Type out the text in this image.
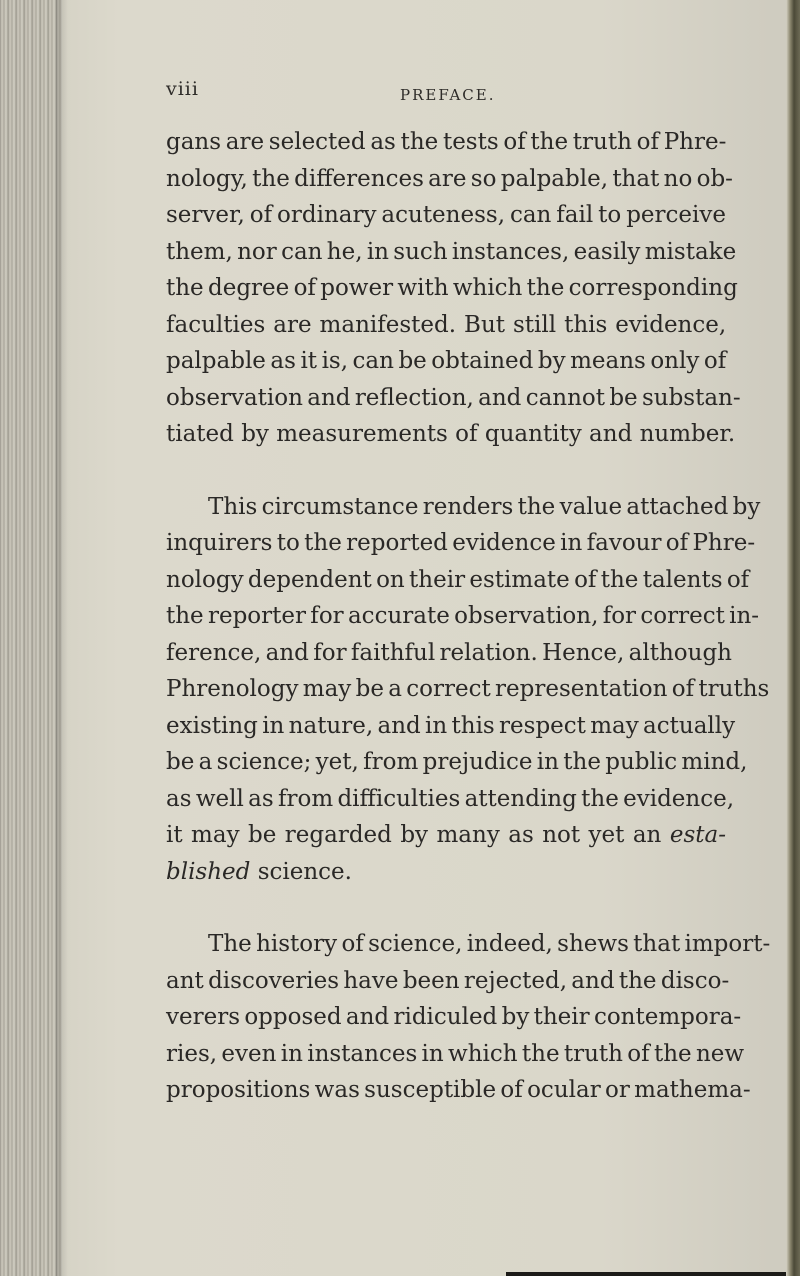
viii	PREFACE.

gans are selected as the tests of the truth of Phre-
nology, the differences are so palpable, that no ob-
server, of ordinary acuteness, can fail to perceive
them, nor can he, in such instances, easily mistake
the degree of power with which the corresponding
faculties are manifested. But still this evidence,
palpable as it is, can be obtained by means only of
observation and reflection, and cannot be substan-
tiated by measurements of quantity and number.

This circumstance renders the value attached by
inquirers to the reported evidence in favour of Phre-
nology dependent on their estimate of the talents of
the reporter for accurate observation, for correct in-
ference, and for faithful relation. Hence, although
Phrenology may be a correct representation of truths
existing in nature, and in this respect may actually
be a science; yet, from prejudice in the public mind,
as well as from difficulties attending the evidence,
it may be regarded by many as not yet an esta-
blished science.

The history of science, indeed, shews that import-
ant discoveries have been rejected, and the disco-
verers opposed and ridiculed by their contempora-
ries, even in instances in which the truth of the new
propositions was susceptible of ocular or mathema-
